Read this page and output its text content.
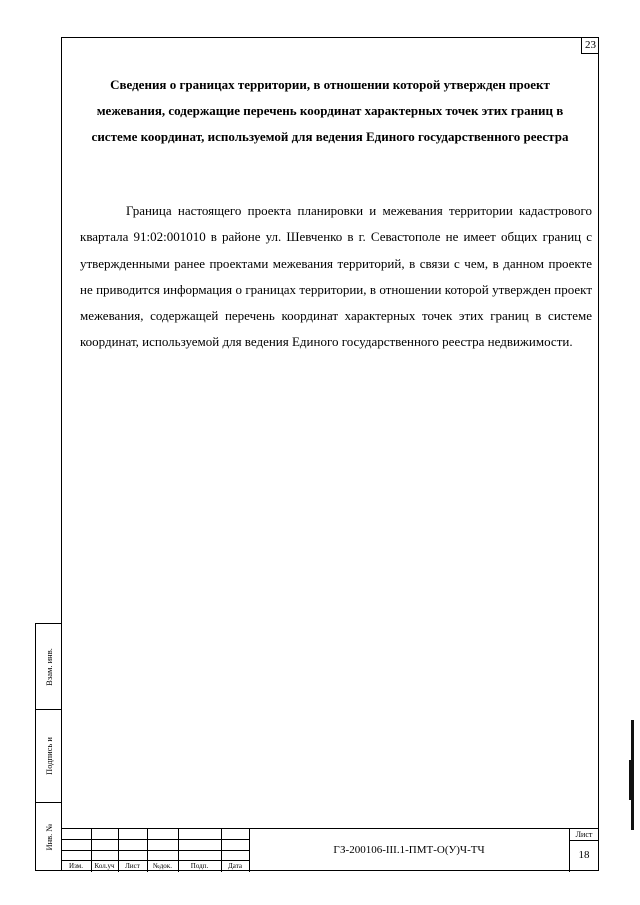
23
Сведения о границах территории, в отношении которой утвержден проект межевания, содержащие перечень координат характерных точек этих границ в системе координат, используемой для ведения Единого государственного реестра

Граница настоящего проекта планировки и межевания территории кадастрового квартала 91:02:001010 в районе ул. Шевченко в г. Севастополе не имеет общих границ с утвержденными ранее проектами межевания территорий, в связи с чем, в данном проекте не приводится информация о границах территории, в отношении которой утвержден проект межевания, содержащей перечень координат характерных точек этих границ в системе координат, используемой для ведения Единого государственного реестра недвижимости.

Взам. инв.
Подпись и
Инв. №
Изм.	Кол.уч	Лист	№док.	Подп.	Дата
ГЗ-200106-III.1-ПМТ-О(У)Ч-ТЧ
Лист
18
